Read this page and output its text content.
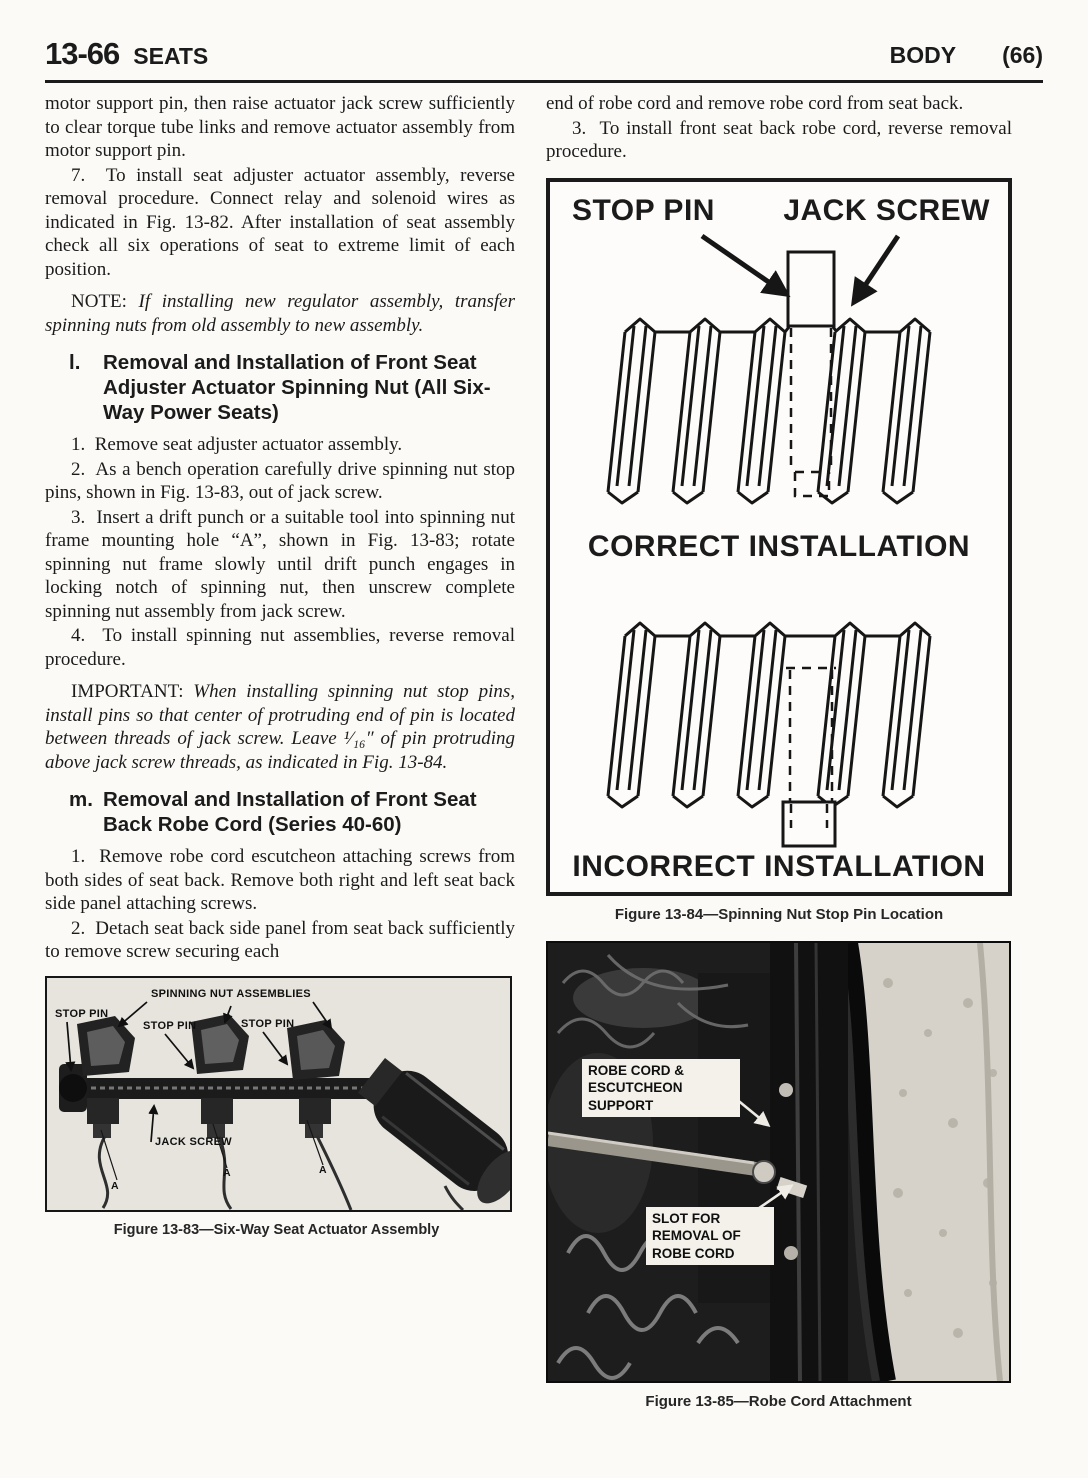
13-66 SEATS	BODY (66)

motor support pin, then raise actuator jack screw sufficiently to clear torque tube links and remove actuator assembly from motor support pin.

7.  To install seat adjuster actuator assembly, reverse removal procedure. Connect relay and solenoid wires as indicated in Fig. 13-82. After installation of seat assembly check all six operations of seat to extreme limit of each position.

NOTE: If installing new regulator assembly, transfer spinning nuts from old assembly to new assembly.

l.	Removal and Installation of Front Seat Adjuster Actuator Spinning Nut (All Six-Way Power Seats)

1.  Remove seat adjuster actuator assembly.

2.  As a bench operation carefully drive spinning nut stop pins, shown in Fig. 13-83, out of jack screw.

3.  Insert a drift punch or a suitable tool into spinning nut frame mounting hole “A”, shown in Fig. 13-83; rotate spinning nut frame slowly until drift punch engages in locking notch of spinning nut, then unscrew complete spinning nut assembly from jack screw.

4.  To install spinning nut assemblies, reverse removal procedure.

IMPORTANT: When installing spinning nut stop pins, install pins so that center of protruding end of pin is located between threads of jack screw. Leave ¹⁄₁₆″ of pin protruding above jack screw threads, as indicated in Fig. 13-84.

m. Removal and Installation of Front Seat Back Robe Cord (Series 40-60)

1.  Remove robe cord escutcheon attaching screws from both sides of seat back. Remove both right and left seat back side panel attaching screws.

2.  Detach seat back side panel from seat back sufficiently to remove screw securing each

STOP PIN
SPINNING NUT ASSEMBLIES
STOP PIN	STOP PIN
JACK SCREW
A
A	A
Figure 13-83—Six-Way Seat Actuator Assembly

end of robe cord and remove robe cord from seat back.

3.  To install front seat back robe cord, reverse removal procedure.

STOP PIN JACK SCREW
CORRECT INSTALLATION
INCORRECT INSTALLATION
Figure 13-84—Spinning Nut Stop Pin Location
ROBE CORD & ESCUTCHEON SUPPORT
SLOT FOR REMOVAL OF ROBE CORD
Figure 13-85—Robe Cord Attachment
